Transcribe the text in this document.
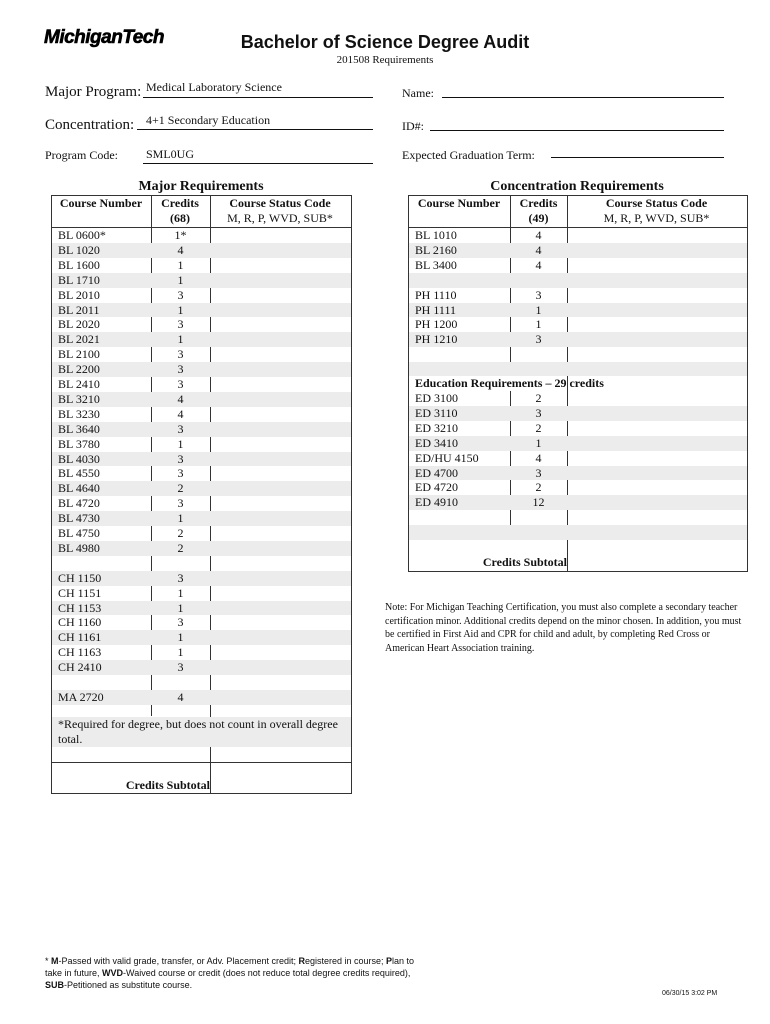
MichiganTech	Bachelor of Science Degree Audit
201508 Requirements
Major Program: Medical Laboratory Science
Concentration: 4+1 Secondary Education
Program Code: SML0UG
Name:
ID#:
Expected Graduation Term:
Major Requirements	Concentration Requirements
BL 0600*	1*
BL 1020	4
BL 1600	1
BL 1710	1
BL 2010	3
BL 2011	1
BL 2020	3
BL 2021	1
BL 2100	3
BL 2200	3
BL 2410	3
BL 3210	4
BL 3230	4
BL 3640	3
BL 3780	1
BL 4030	3
BL 4550	3
BL 4640	2
BL 4720	3
BL 4730	1
BL 4750	2
BL 4980	2
CH 1150	3
CH 1151	1
CH 1153	1
CH 1160	3
CH 1161	1
CH 1163	1
CH 2410	3
MA 2720	4
*Required for degree, but does not count in overall degree total.
Credits Subtotal
Course Number	Credits
(68)
Course Status Code
M, R, P, WVD, SUB*
BL 1010	4
BL 2160	4
BL 3400	4
PH 1110	3
PH 1111	1
PH 1200	1
PH 1210	3
Education Requirements – 29 credits
ED 3100	2
ED 3110	3
ED 3210	2
ED 3410	1
ED/HU 4150	4
ED 4700	3
ED 4720	2
ED 4910	12
Credits Subtotal
Course Number	Credits
(49)
Course Status Code
M, R, P, WVD, SUB*
Note: For Michigan Teaching Certification, you must also complete a secondary teacher certification minor. Additional credits depend on the minor chosen. In addition, you must be certified in First Aid and CPR for child and adult, by completing Red Cross or American Heart Association training.
* M-Passed with valid grade, transfer, or Adv. Placement credit; Registered in course; Plan to take in future, WVD-Waived course or credit (does not reduce total degree credits required), SUB-Petitioned as substitute course.
06/30/15 3:02 PM
